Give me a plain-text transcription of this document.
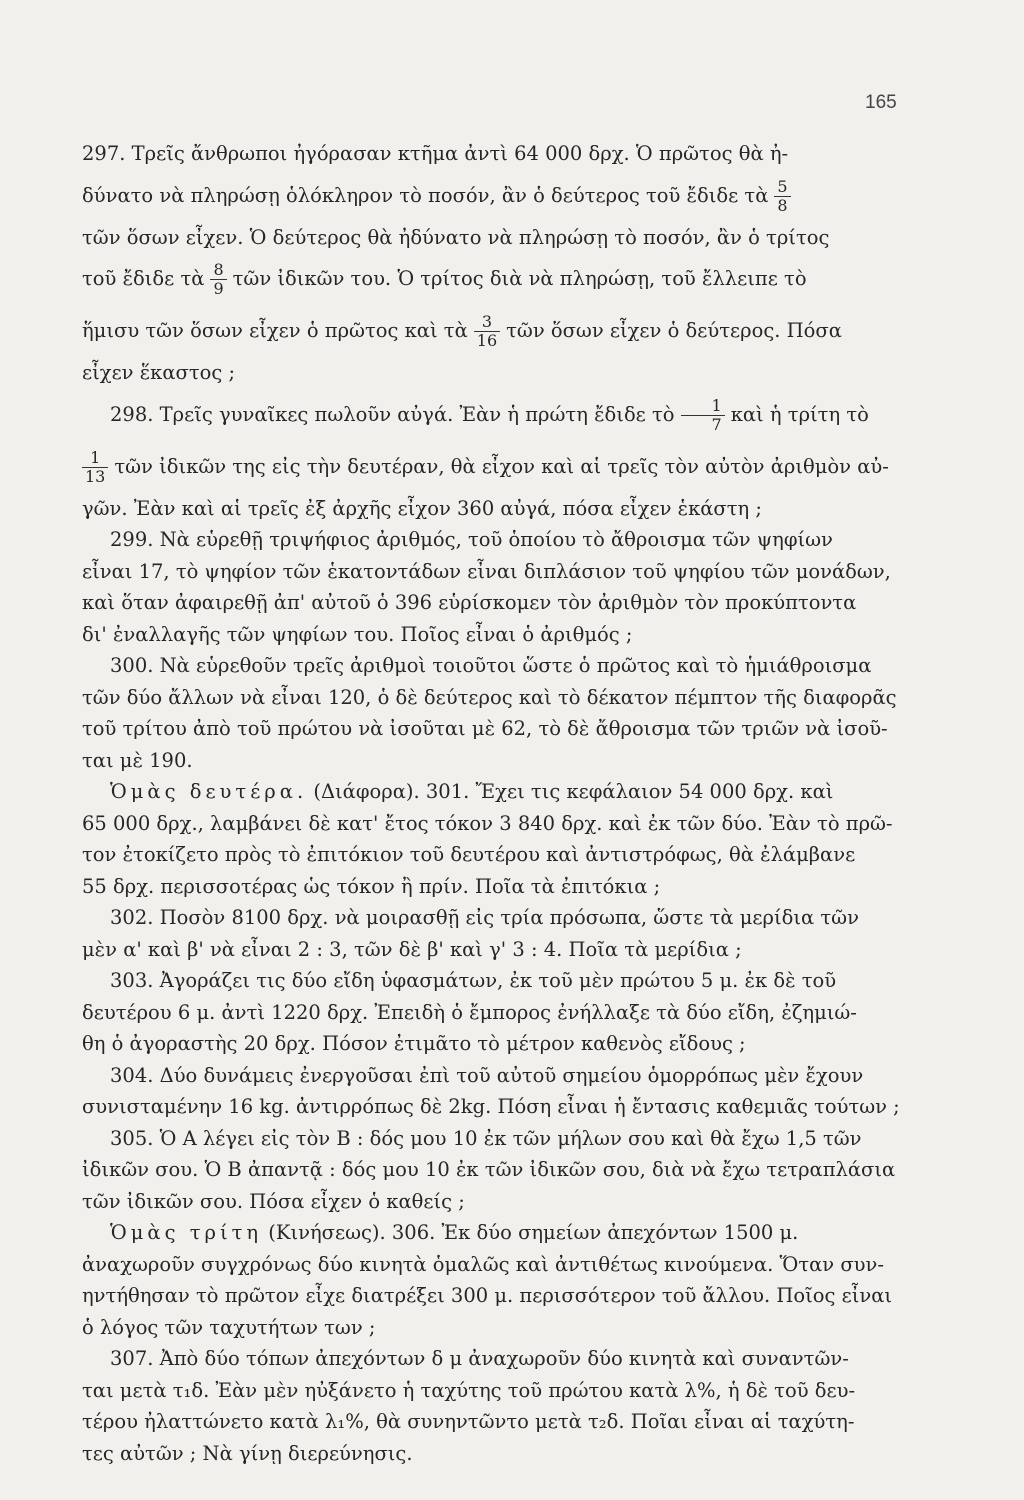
165

297. Τρεῖς ἄνθρωποι ἠγόρασαν κτῆμα ἀντὶ 64 000 δρχ. Ὁ πρῶτος θὰ ἠ-
δύνατο νὰ πληρώσῃ ὁλόκληρον τὸ ποσόν, ἂν ὁ δεύτερος τοῦ ἔδιδε τὰ $\frac{5}{8}$
τῶν ὅσων εἶχεν. Ὁ δεύτερος θὰ ἠδύνατο νὰ πληρώσῃ τὸ ποσόν, ἂν ὁ τρίτος
τοῦ ἔδιδε τὰ $\frac{8}{9}$ τῶν ἰδικῶν του. Ὁ τρίτος διὰ νὰ πληρώσῃ, τοῦ ἔλλειπε τὸ
ἥμισυ τῶν ὅσων εἶχεν ὁ πρῶτος καὶ τὰ $\frac{3}{16}$ τῶν ὅσων εἶχεν ὁ δεύτερος. Πόσα
εἶχεν ἕκαστος ;

298. Τρεῖς γυναῖκες πωλοῦν αὐγά. Ἐὰν ἡ πρώτη ἔδιδε τὸ $\frac{1}{7}$ καὶ ἡ τρίτη τὸ
$\frac{1}{13}$ τῶν ἰδικῶν της εἰς τὴν δευτέραν, θὰ εἶχον καὶ αἱ τρεῖς τὸν αὐτὸν ἀριθμὸν αὐ-
γῶν. Ἐὰν καὶ αἱ τρεῖς ἐξ ἀρχῆς εἶχον 360 αὐγά, πόσα εἶχεν ἑκάστη ;

299. Νὰ εὑρεθῇ τριψήφιος ἀριθμός, τοῦ ὁποίου τὸ ἄθροισμα τῶν ψηφίων
εἶναι 17, τὸ ψηφίον τῶν ἑκατοντάδων εἶναι διπλάσιον τοῦ ψηφίου τῶν μονάδων,
καὶ ὅταν ἀφαιρεθῇ ἀπ' αὐτοῦ ὁ 396 εὑρίσκομεν τὸν ἀριθμὸν τὸν προκύπτοντα
δι' ἐναλλαγῆς τῶν ψηφίων του. Ποῖος εἶναι ὁ ἀριθμός ;

300. Νὰ εὑρεθοῦν τρεῖς ἀριθμοὶ τοιοῦτοι ὥστε ὁ πρῶτος καὶ τὸ ἡμιάθροισμα
τῶν δύο ἄλλων νὰ εἶναι 120, ὁ δὲ δεύτερος καὶ τὸ δέκατον πέμπτον τῆς διαφορᾶς
τοῦ τρίτου ἀπὸ τοῦ πρώτου νὰ ἰσοῦται μὲ 62, τὸ δὲ ἄθροισμα τῶν τριῶν νὰ ἰσοῦ-
ται μὲ 190.

Ὁμὰς δευτέρα. (Διάφορα). 301. Ἔχει τις κεφάλαιον 54 000 δρχ. καὶ
65 000 δρχ., λαμβάνει δὲ κατ' ἔτος τόκον 3 840 δρχ. καὶ ἐκ τῶν δύο. Ἐὰν τὸ πρῶ-
τον ἐτοκίζετο πρὸς τὸ ἐπιτόκιον τοῦ δευτέρου καὶ ἀντιστρόφως, θὰ ἐλάμβανε
55 δρχ. περισσοτέρας ὡς τόκον ἢ πρίν. Ποῖα τὰ ἐπιτόκια ;

302. Ποσὸν 8100 δρχ. νὰ μοιρασθῇ εἰς τρία πρόσωπα, ὥστε τὰ μερίδια τῶν
μὲν α' καὶ β' νὰ εἶναι 2 : 3, τῶν δὲ β' καὶ γ' 3 : 4. Ποῖα τὰ μερίδια ;

303. Ἀγοράζει τις δύο εἴδη ὑφασμάτων, ἐκ τοῦ μὲν πρώτου 5 μ. ἐκ δὲ τοῦ
δευτέρου 6 μ. ἀντὶ 1220 δρχ. Ἐπειδὴ ὁ ἔμπορος ἐνήλλαξε τὰ δύο εἴδη, ἐζημιώ-
θη ὁ ἀγοραστὴς 20 δρχ. Πόσον ἐτιμᾶτο τὸ μέτρον καθενὸς εἴδους ;

304. Δύο δυνάμεις ἐνεργοῦσαι ἐπὶ τοῦ αὐτοῦ σημείου ὁμορρόπως μὲν ἔχουν
συνισταμένην 16 kg. ἀντιρρόπως δὲ 2kg. Πόση εἶναι ἡ ἔντασις καθεμιᾶς τούτων ;

305. Ὁ Α λέγει εἰς τὸν Β : δός μου 10 ἐκ τῶν μήλων σου καὶ θὰ ἔχω 1,5 τῶν
ἰδικῶν σου. Ὁ Β ἀπαντᾷ : δός μου 10 ἐκ τῶν ἰδικῶν σου, διὰ νὰ ἔχω τετραπλάσια
τῶν ἰδικῶν σου. Πόσα εἶχεν ὁ καθείς ;

Ὁμὰς τρίτη (Κινήσεως). 306. Ἐκ δύο σημείων ἀπεχόντων 1500 μ.
ἀναχωροῦν συγχρόνως δύο κινητὰ ὁμαλῶς καὶ ἀντιθέτως κινούμενα. Ὅταν συν-
ηντήθησαν τὸ πρῶτον εἶχε διατρέξει 300 μ. περισσότερον τοῦ ἄλλου. Ποῖος εἶναι
ὁ λόγος τῶν ταχυτήτων των ;

307. Ἀπὸ δύο τόπων ἀπεχόντων δ μ ἀναχωροῦν δύο κινητὰ καὶ συναντῶν-
ται μετὰ τ₁δ. Ἐὰν μὲν ηὐξάνετο ἡ ταχύτης τοῦ πρώτου κατὰ λ%, ἡ δὲ τοῦ δευ-
τέρου ἠλαττώνετο κατὰ λ₁%, θὰ συνηντῶντο μετὰ τ₂δ. Ποῖαι εἶναι αἱ ταχύτη-
τες αὐτῶν ; Νὰ γίνῃ διερεύνησις.
